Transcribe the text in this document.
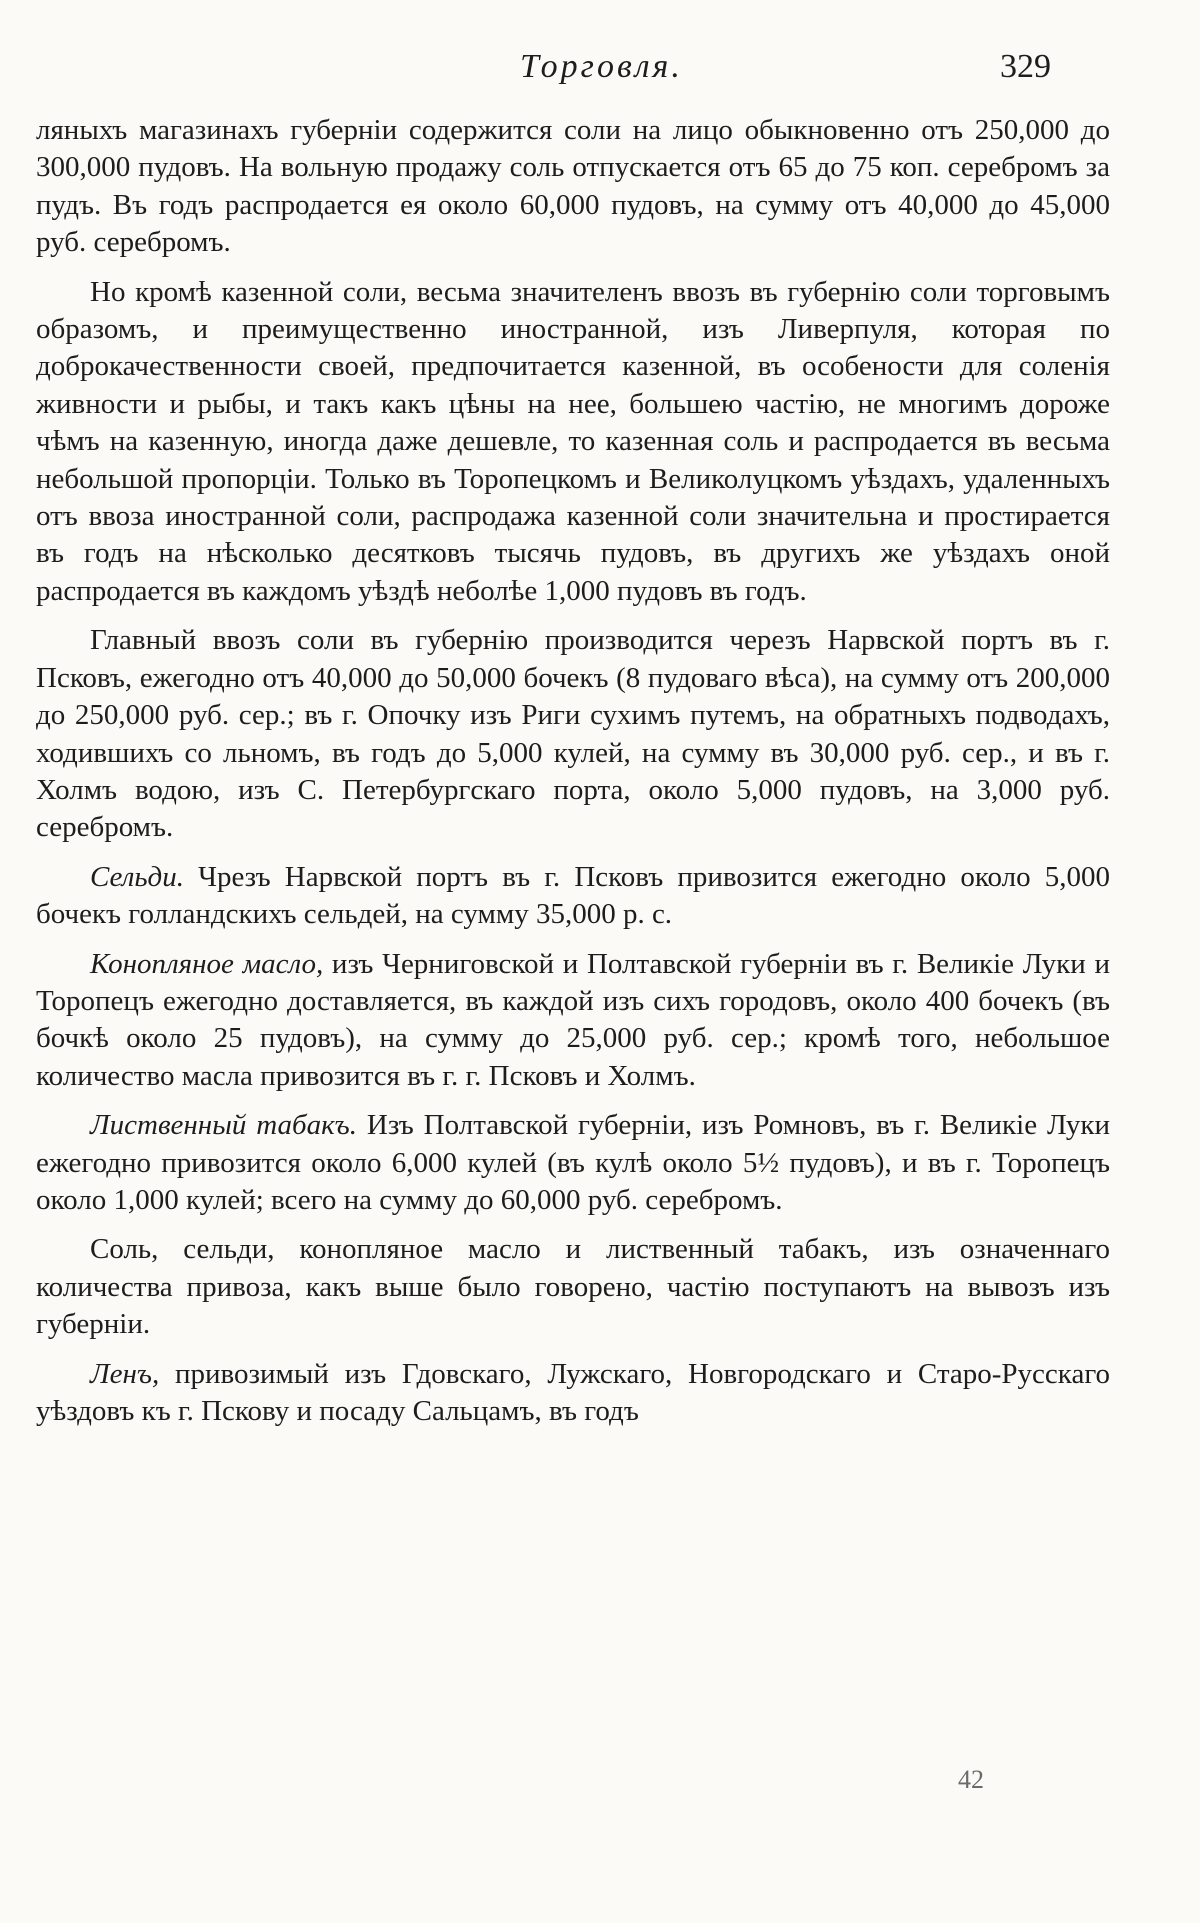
Торговля.	329

ляныхъ магазинахъ губерніи содержится соли на лицо обыкновенно отъ 250,000 до 300,000 пудовъ. На вольную продажу соль отпускается отъ 65 до 75 коп. серебромъ за пудъ. Въ годъ распродается ея около 60,000 пудовъ, на сумму отъ 40,000 до 45,000 руб. серебромъ.

Но кромѣ казенной соли, весьма значителенъ ввозъ въ губернію соли торговымъ образомъ, и преимущественно иностранной, изъ Ливерпуля, которая по доброкачественности своей, предпочитается казенной, въ особености для соленія живности и рыбы, и такъ какъ цѣны на нее, большею частію, не многимъ дороже чѣмъ на казенную, иногда даже дешевле, то казенная соль и распродается въ весьма небольшой пропорціи. Только въ Торопецкомъ и Великолуцкомъ уѣздахъ, удаленныхъ отъ ввоза иностранной соли, распродажа казенной соли значительна и простирается въ годъ на нѣсколько десятковъ тысячь пудовъ, въ другихъ же уѣздахъ оной распродается въ каждомъ уѣздѣ неболѣе 1,000 пудовъ въ годъ.

Главный ввозъ соли въ губернію производится черезъ Нарвской портъ въ г. Псковъ, ежегодно отъ 40,000 до 50,000 бочекъ (8 пудоваго вѣса), на сумму отъ 200,000 до 250,000 руб. сер.; въ г. Опочку изъ Риги сухимъ путемъ, на обратныхъ подводахъ, ходившихъ со льномъ, въ годъ до 5,000 кулей, на сумму въ 30,000 руб. сер., и въ г. Холмъ водою, изъ С. Петербургскаго порта, около 5,000 пудовъ, на 3,000 руб. серебромъ.

Сельди. Чрезъ Нарвской портъ въ г. Псковъ привозится ежегодно около 5,000 бочекъ голландскихъ сельдей, на сумму 35,000 р. с.

Конопляное масло, изъ Черниговской и Полтавской губерніи въ г. Великіе Луки и Торопецъ ежегодно доставляется, въ каждой изъ сихъ городовъ, около 400 бочекъ (въ бочкѣ около 25 пудовъ), на сумму до 25,000 руб. сер.; кромѣ того, небольшое количество масла привозится въ г. г. Псковъ и Холмъ.

Лиственный табакъ. Изъ Полтавской губерніи, изъ Ромновъ, въ г. Великіе Луки ежегодно привозится около 6,000 кулей (въ кулѣ около 5½ пудовъ), и въ г. Торопецъ около 1,000 кулей; всего на сумму до 60,000 руб. серебромъ.

Соль, сельди, конопляное масло и лиственный табакъ, изъ означеннаго количества привоза, какъ выше было говорено, частію поступаютъ на вывозъ изъ губерніи.

Ленъ, привозимый изъ Гдовскаго, Лужскаго, Новгородскаго и Старо-Русскаго уѣздовъ къ г. Пскову и посаду Сальцамъ, въ годъ

42
